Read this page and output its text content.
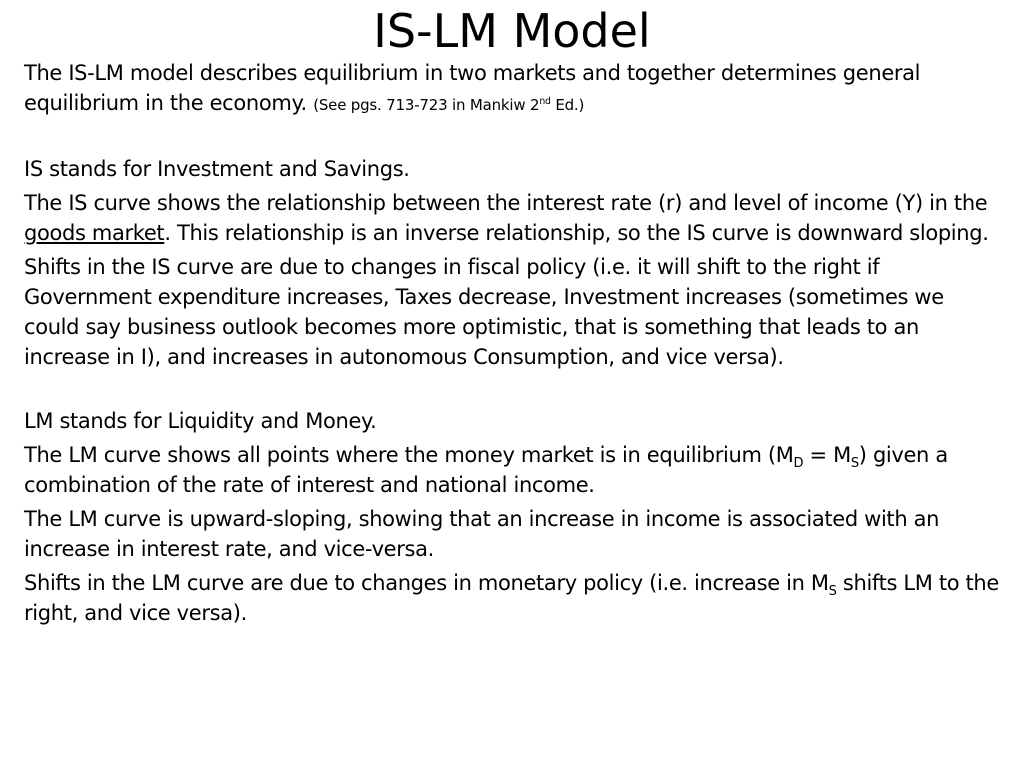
IS-LM Model

The IS-LM model describes equilibrium in two markets and together determines general equilibrium in the economy. (See pgs. 713-723 in Mankiw 2nd Ed.)

IS stands for Investment and Savings.

The IS curve shows the relationship between the interest rate (r) and level of income (Y) in the goods market. This relationship is an inverse relationship, so the IS curve is downward sloping.

Shifts in the IS curve are due to changes in fiscal policy (i.e. it will shift to the right if Government expenditure increases, Taxes decrease, Investment increases (sometimes we could say business outlook becomes more optimistic, that is something that leads to an increase in I), and increases in autonomous Consumption, and vice versa).

LM stands for Liquidity and Money.

The LM curve shows all points where the money market is in equilibrium $(M_D = M_S)$ given a combination of the rate of interest and national income.

The LM curve is upward-sloping, showing that an increase in income is associated with an increase in interest rate, and vice-versa.

Shifts in the LM curve are due to changes in monetary policy (i.e. increase in $M_S$ shifts LM to the right, and vice versa).
